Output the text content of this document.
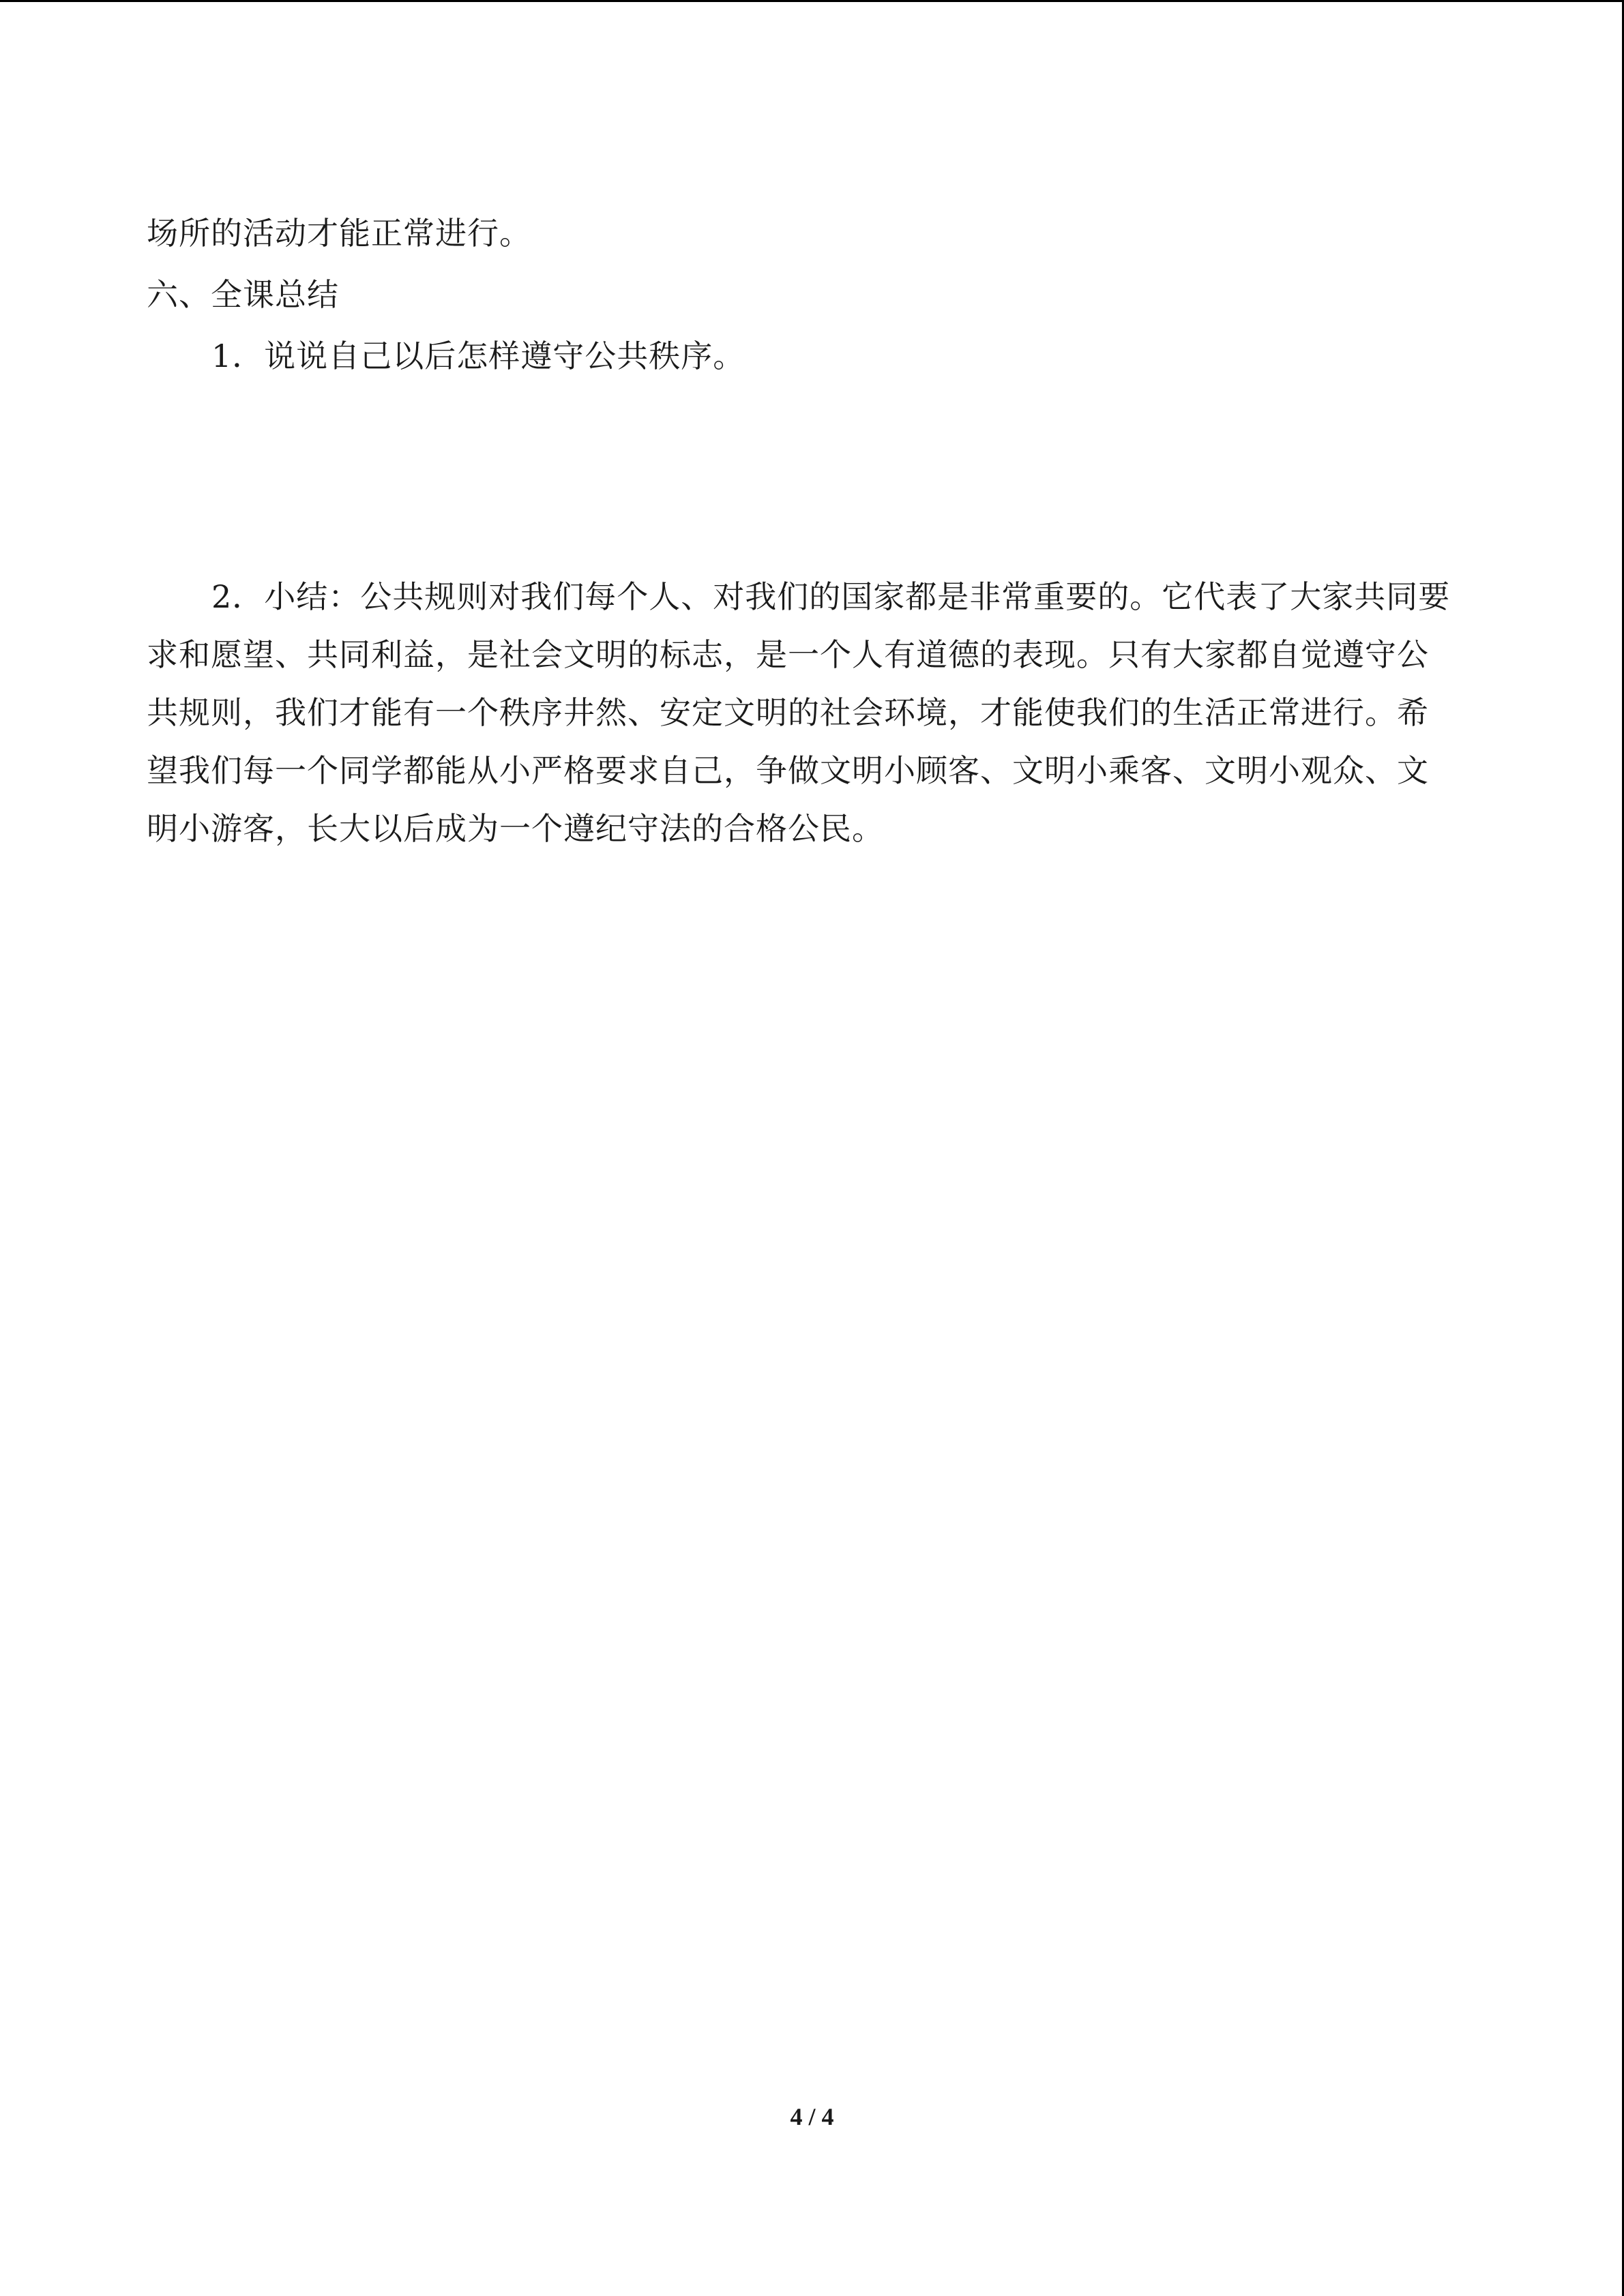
场所的活动才能正常进行。
六、全课总结
1．说说自己以后怎样遵守公共秩序。
2．小结：公共规则对我们每个人、对我们的国家都是非常重要的。它代表了大家共同要
求和愿望、共同利益，是社会文明的标志，是一个人有道德的表现。只有大家都自觉遵守公
共规则，我们才能有一个秩序井然、安定文明的社会环境，才能使我们的生活正常进行。希
望我们每一个同学都能从小严格要求自己，争做文明小顾客、文明小乘客、文明小观众、文
明小游客，长大以后成为一个遵纪守法的合格公民。
4 / 4
